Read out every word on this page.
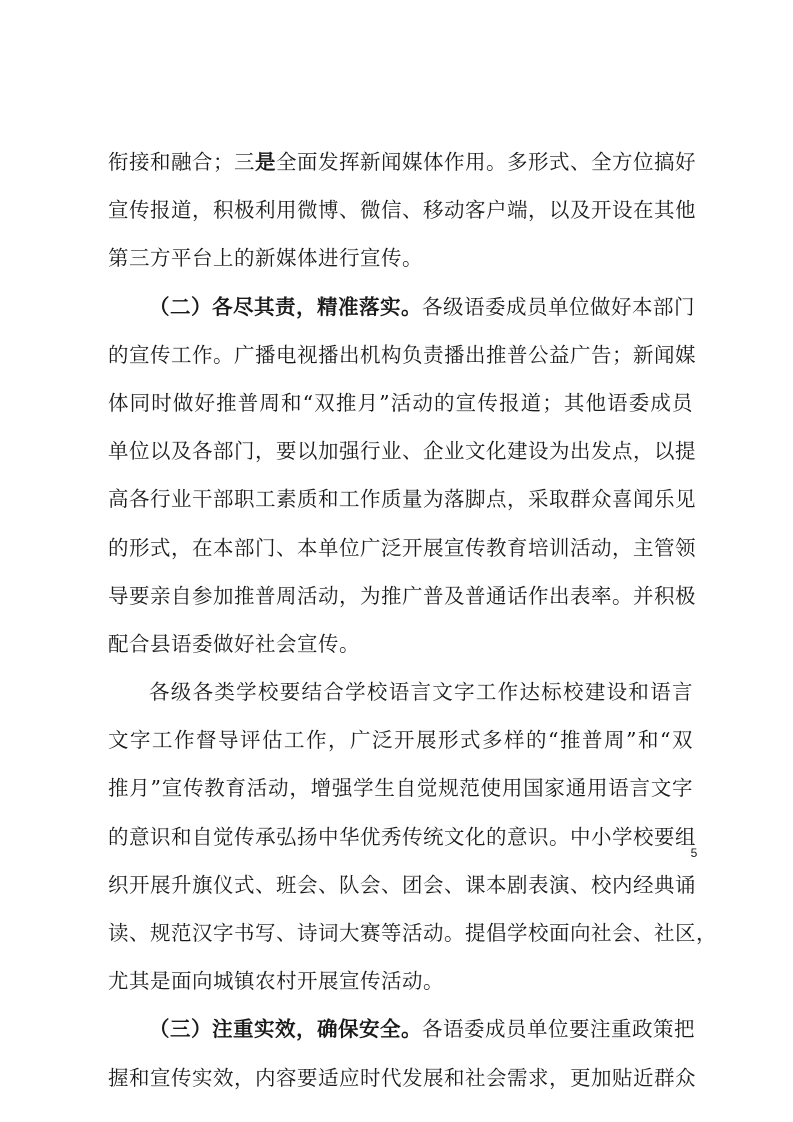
衔接和融合；三是全面发挥新闻媒体作用。多形式、全方位搞好
宣传报道，积极利用微博、微信、移动客户端，以及开设在其他
第三方平台上的新媒体进行宣传。
（二）各尽其责，精准落实。各级语委成员单位做好本部门
的宣传工作。广播电视播出机构负责播出推普公益广告；新闻媒
体同时做好推普周和“双推月”活动的宣传报道；其他语委成员
单位以及各部门，要以加强行业、企业文化建设为出发点，以提
高各行业干部职工素质和工作质量为落脚点，采取群众喜闻乐见
的形式，在本部门、本单位广泛开展宣传教育培训活动，主管领
导要亲自参加推普周活动，为推广普及普通话作出表率。并积极
配合县语委做好社会宣传。
各级各类学校要结合学校语言文字工作达标校建设和语言
文字工作督导评估工作，广泛开展形式多样的“推普周”和“双
推月”宣传教育活动，增强学生自觉规范使用国家通用语言文字
的意识和自觉传承弘扬中华优秀传统文化的意识。中小学校要组
织开展升旗仪式、班会、队会、团会、课本剧表演、校内经典诵
读、规范汉字书写、诗词大赛等活动。提倡学校面向社会、社区，
尤其是面向城镇农村开展宣传活动。
（三）注重实效，确保安全。各语委成员单位要注重政策把
握和宣传实效，内容要适应时代发展和社会需求，更加贴近群众
5
